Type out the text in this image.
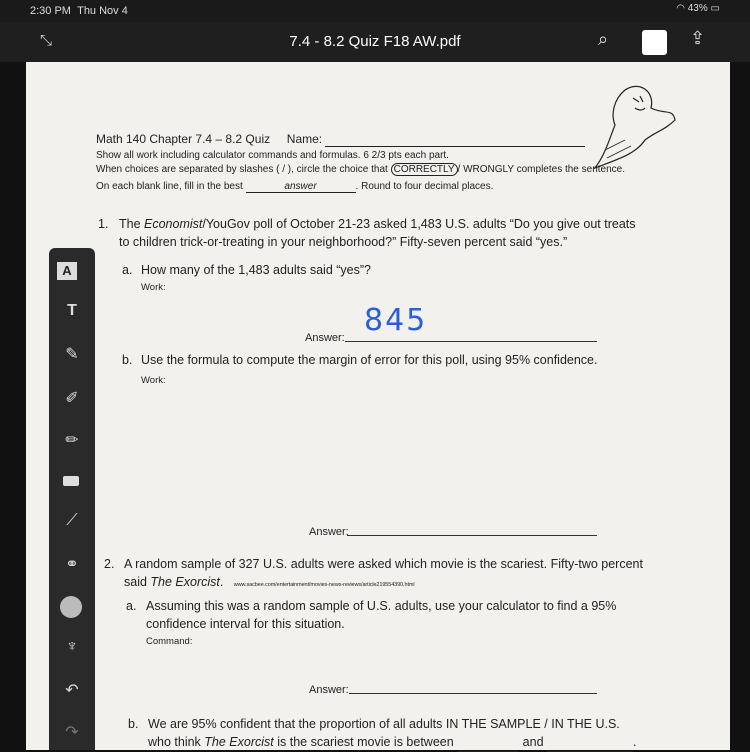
2:30 PM Thu Nov 4	◠ 43% ▭
⤡	7.4 - 8.2 Quiz F18 AW.pdf	⌕	⇪
Math 140 Chapter 7.4 – 8.2 Quiz Name:
Show all work including calculator commands and formulas. 6 2/3 pts each part.
When choices are separated by slashes ( / ), circle the choice that CORRECTLY / WRONGLY completes the sentence.
On each blank line, fill in the best	answer	. Round to four decimal places.
1. The Economist/YouGov poll of October 21-23 asked 1,483 U.S. adults “Do you give out treats
to children trick-or-treating in your neighborhood?” Fifty-seven percent said “yes.”
a. How many of the 1,483 adults said “yes”?
Work:
Answer: 845
b. Use the formula to compute the margin of error for this poll, using 95% confidence.
Work:
Answer:
2. A random sample of 327 U.S. adults were asked which movie is the scariest. Fifty-two percent
said The Exorcist. www.sacbee.com/entertainment/movies-news-reviews/article219554390.html
a. Assuming this was a random sample of U.S. adults, use your calculator to find a 95%
confidence interval for this situation.
Command:
Answer:
b. We are 95% confident that the proportion of all adults IN THE SAMPLE / IN THE U.S.
who think The Exorcist is the scariest movie is between	and	.
A
T
✎
✐
✏
⟋
⚭
♆
↶
↷
